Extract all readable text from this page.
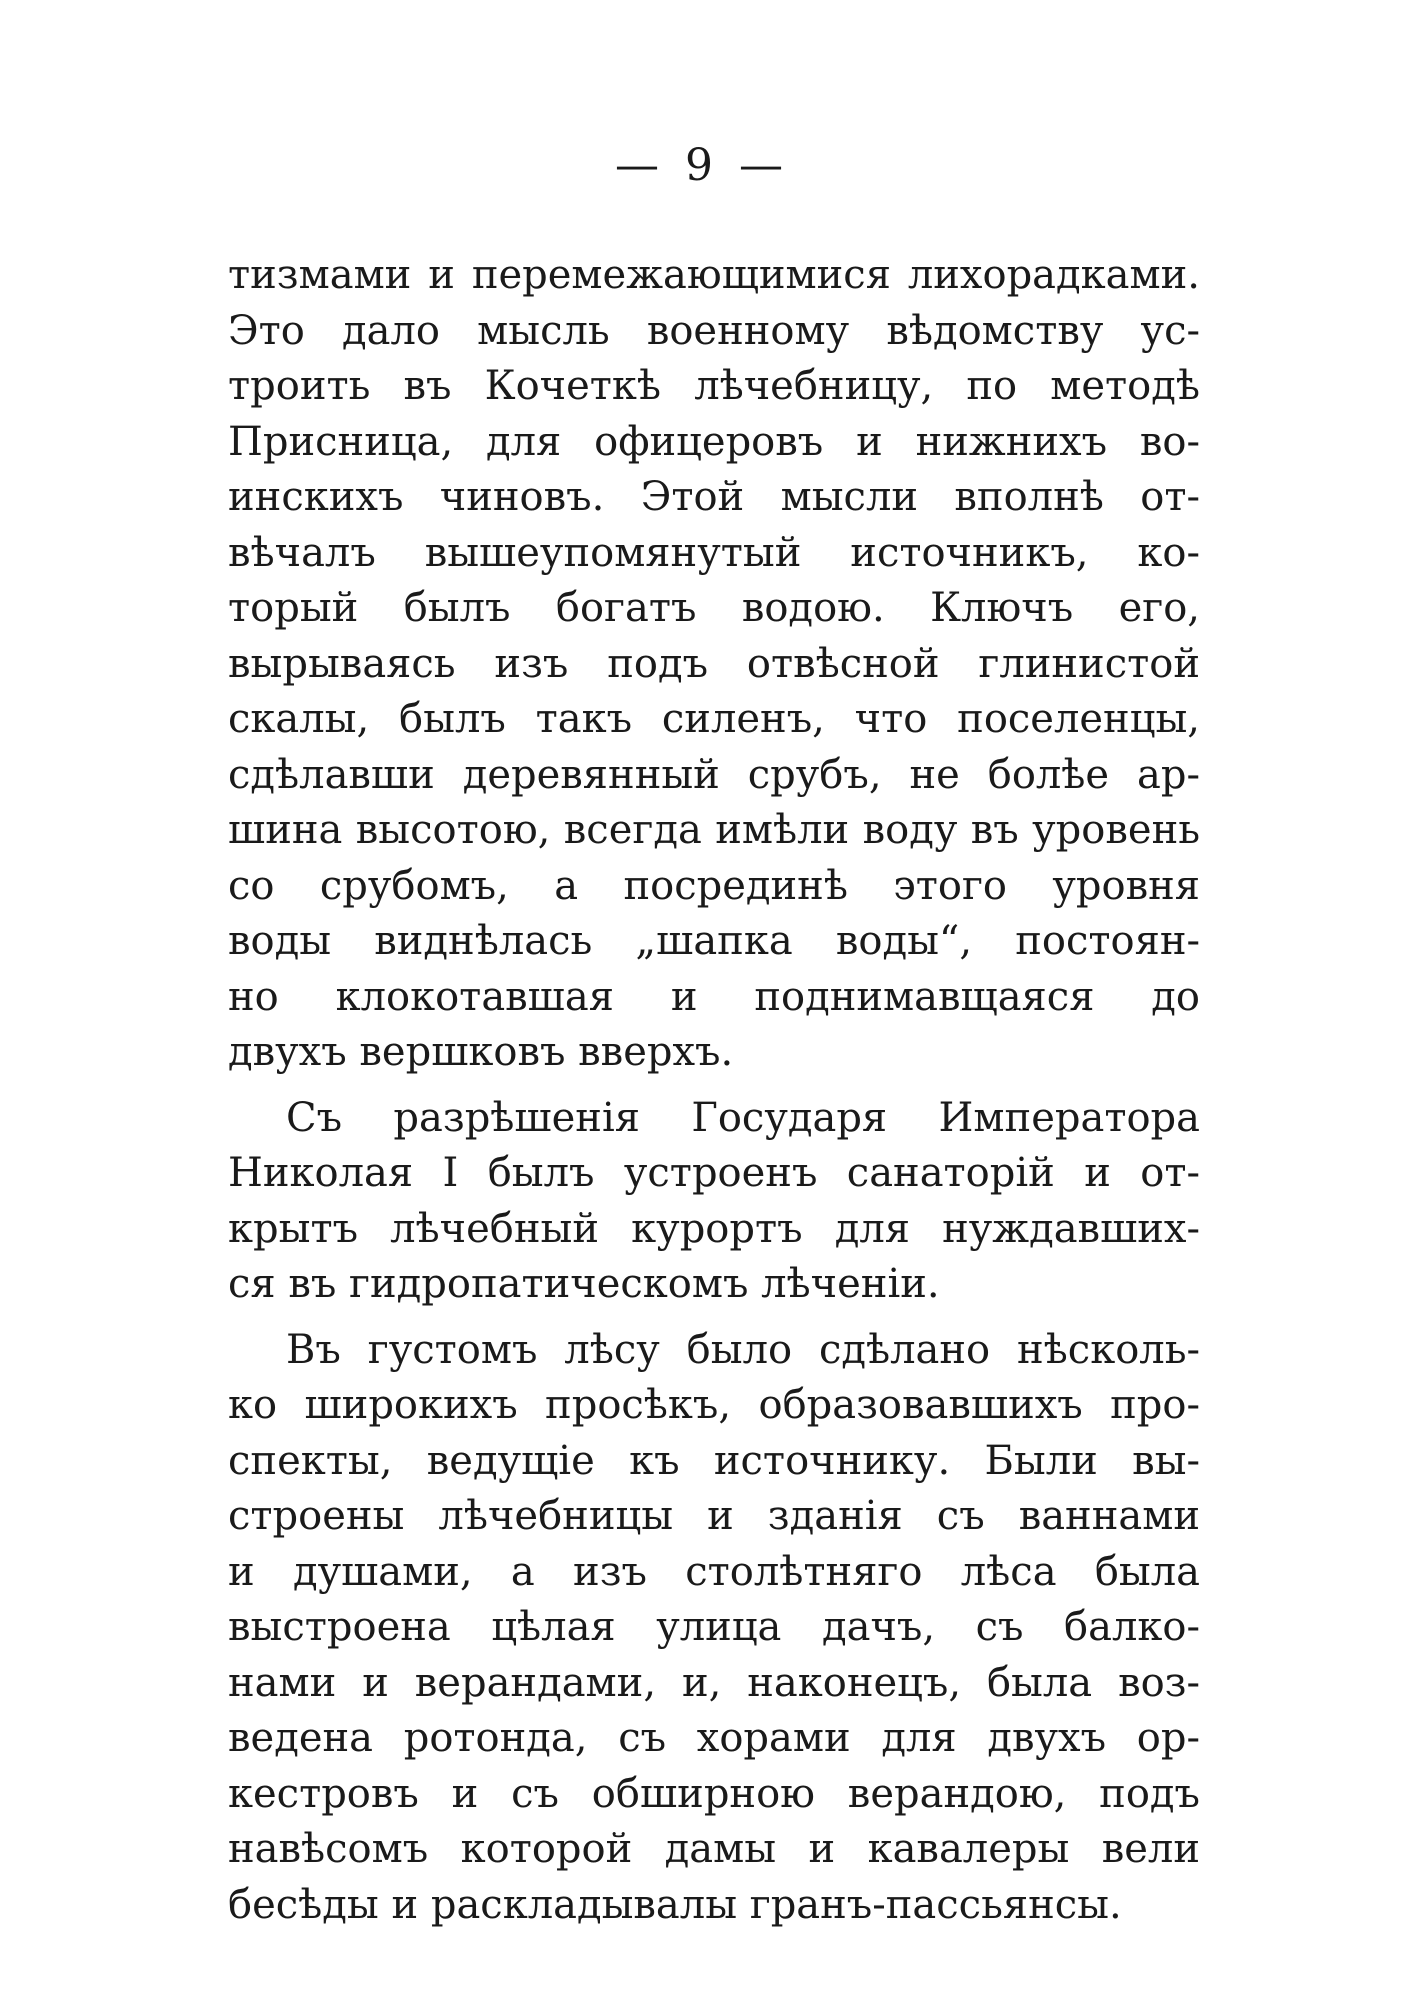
— 9 —
тизмами и перемежающимися лихорадками.
Это дало мысль военному вѣдомству ус-
троить въ Кочеткѣ лѣчебницу, по методѣ
Присница, для офицеровъ и нижнихъ во-
инскихъ чиновъ. Этой мысли вполнѣ от-
вѣчалъ вышеупомянутый источникъ, ко-
торый былъ богатъ водою. Ключъ его,
вырываясь изъ подъ отвѣсной глинистой
скалы, былъ такъ силенъ, что поселенцы,
сдѣлавши деревянный срубъ, не болѣе ар-
шина высотою, всегда имѣли воду въ уровень
со срубомъ, а посрединѣ этого уровня
воды виднѣлась „шапка воды“, постоян-
но клокотавшая и поднимавщаяся до
двухъ вершковъ вверхъ.
Съ разрѣшенія Государя Императора
Николая I былъ устроенъ санаторій и от-
крытъ лѣчебный курортъ для нуждавших-
ся въ гидропатическомъ лѣченіи.
Въ густомъ лѣсу было сдѣлано нѣсколь-
ко широкихъ просѣкъ, образовавшихъ про-
спекты, ведущіе къ источнику. Были вы-
строены лѣчебницы и зданія съ ваннами
и душами, а изъ столѣтняго лѣса была
выстроена цѣлая улица дачъ, съ балко-
нами и верандами, и, наконецъ, была воз-
ведена ротонда, съ хорами для двухъ ор-
кестровъ и съ обширною верандою, подъ
навѣсомъ которой дамы и кавалеры вели
бесѣды и раскладывалы гранъ-пассьянсы.
